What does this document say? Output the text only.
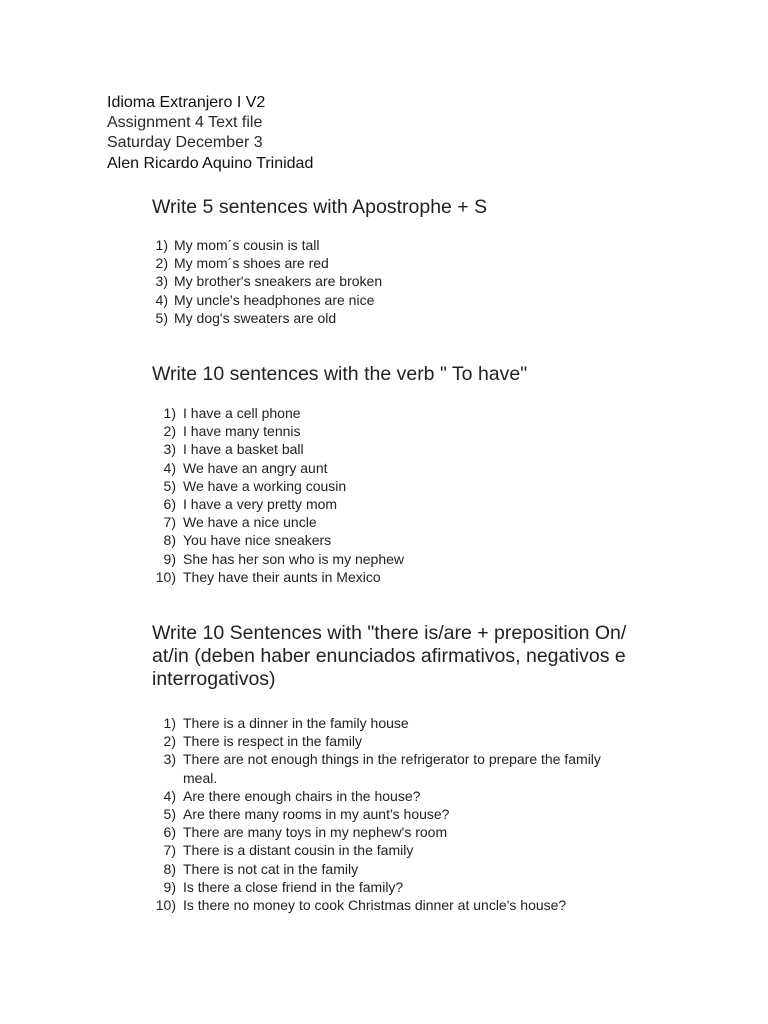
Idioma Extranjero I V2
Assignment 4 Text file
Saturday December 3
Alen Ricardo Aquino Trinidad
Write 5 sentences with Apostrophe + S
1) My mom´s cousin is tall
2) My mom´s shoes are red
3) My brother's sneakers are broken
4) My uncle's headphones are nice
5) My dog's sweaters are old
Write 10 sentences with the verb " To have"
1) I have a cell phone
2) I have many tennis
3) I have a basket ball
4) We have an angry aunt
5) We have a working cousin
6) I have a very pretty mom
7) We have a nice uncle
8) You have nice sneakers
9) She has her son who is my nephew
10) They have their aunts in Mexico
Write 10 Sentences with "there is/are + preposition On/
at/in (deben haber enunciados afirmativos, negativos e
interrogativos)
1) There is a dinner in the family house
2) There is respect in the family
3) There are not enough things in the refrigerator to prepare the family
meal.
4) Are there enough chairs in the house?
5) Are there many rooms in my aunt's house?
6) There are many toys in my nephew's room
7) There is a distant cousin in the family
8) There is not cat in the family
9) Is there a close friend in the family?
10) Is there no money to cook Christmas dinner at uncle's house?
